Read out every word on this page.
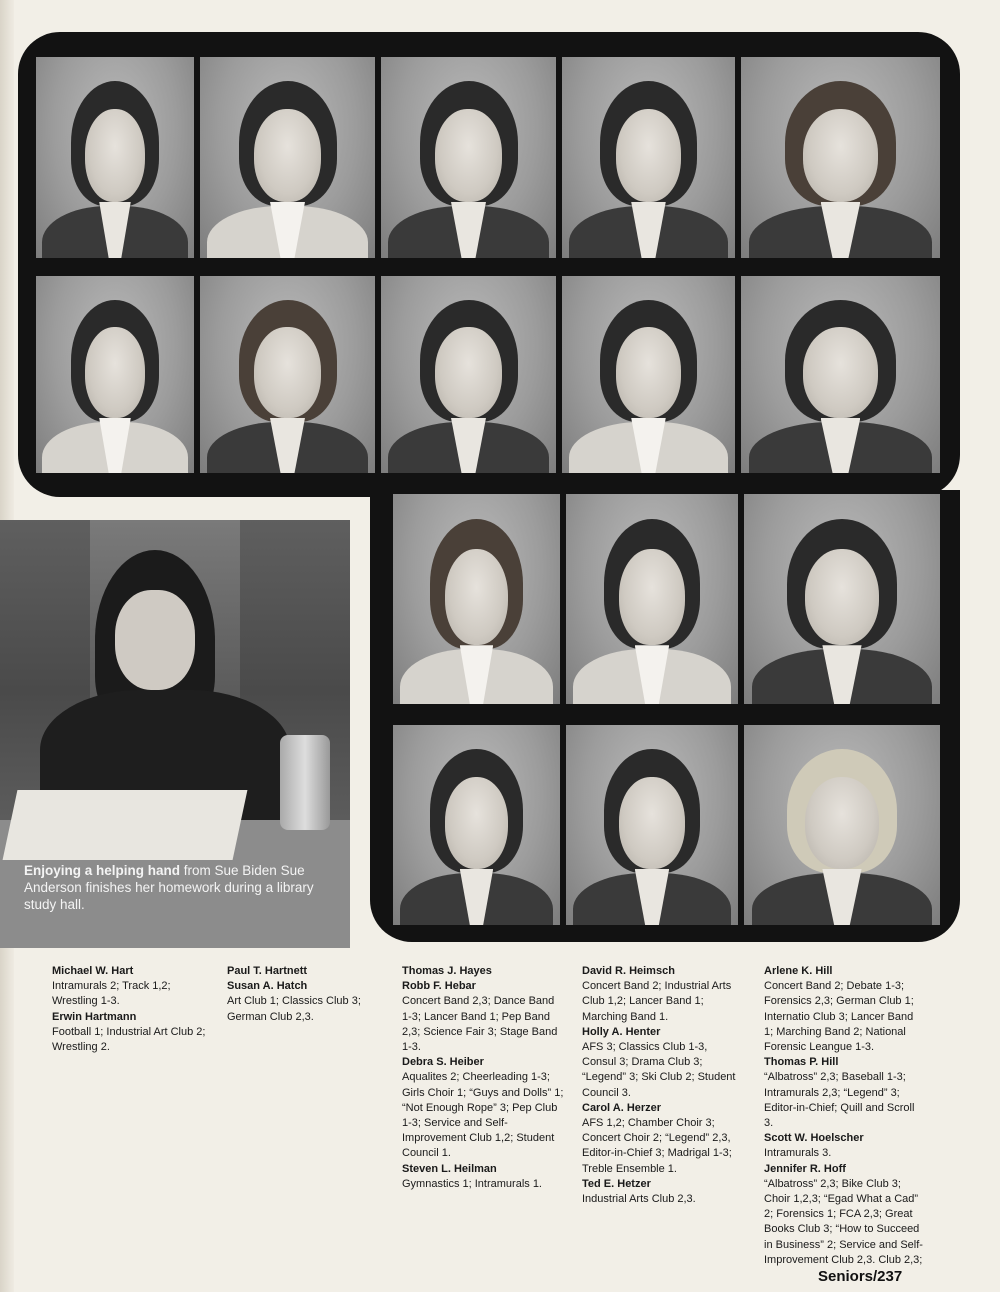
Enjoying a helping hand from Sue Biden Sue Anderson finishes her homework during a library study hall.
Michael W. Hart
Intramurals 2; Track 1,2; Wrestling 1-3.
Erwin Hartmann
Football 1; Industrial Art Club 2; Wrestling 2.
Paul T. Hartnett
Susan A. Hatch
Art Club 1; Classics Club 3; German Club 2,3.
Thomas J. Hayes
Robb F. Hebar
Concert Band 2,3; Dance Band 1-3; Lancer Band 1; Pep Band 2,3; Science Fair 3; Stage Band 1-3.
Debra S. Heiber
Aqualites 2; Cheerleading 1-3; Girls Choir 1; “Guys and Dolls” 1; “Not Enough Rope” 3; Pep Club 1-3; Service and Self-Improvement Club 1,2; Student Council 1.
Steven L. Heilman
Gymnastics 1; Intramurals 1.
David R. Heimsch
Concert Band 2; Industrial Arts Club 1,2; Lancer Band 1; Marching Band 1.
Holly A. Henter
AFS 3; Classics Club 1-3, Consul 3; Drama Club 3; “Legend” 3; Ski Club 2; Student Council 3.
Carol A. Herzer
AFS 1,2; Chamber Choir 3; Concert Choir 2; “Legend” 2,3, Editor-in-Chief 3; Madrigal 1-3; Treble Ensemble 1.
Ted E. Hetzer
Industrial Arts Club 2,3.
Arlene K. Hill
Concert Band 2; Debate 1-3; Forensics 2,3; German Club 1; Internatio Club 3; Lancer Band 1; Marching Band 2; National Forensic Leangue 1-3.
Thomas P. Hill
“Albatross” 2,3; Baseball 1-3; Intramurals 2,3; “Legend” 3; Editor-in-Chief; Quill and Scroll 3.
Scott W. Hoelscher
Intramurals 3.
Jennifer R. Hoff
“Albatross” 2,3; Bike Club 3; Choir 1,2,3; “Egad What a Cad” 2; Forensics 1; FCA 2,3; Great Books Club 3; “How to Succeed in Business” 2; Service and Self-Improvement Club 2,3. Club 2,3;
Seniors/237
